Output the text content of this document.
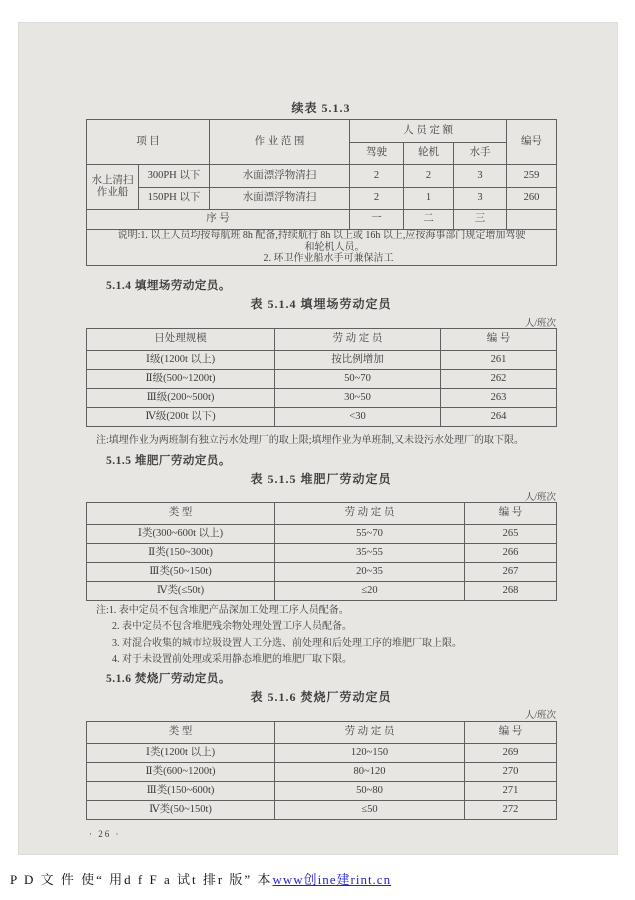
续表 5.1.3
项 目		作 业 范 围	人 员 定 额			编号
			驾驶	轮机	水手	
水上清扫作业船	300PH 以下	水面漂浮物清扫	2	2	3	259
	150PH 以下	水面漂浮物清扫	2	1	3	260
序 号			一	二	三	

说明:1. 以上人员均按每航班 8h 配备,持续航行 8h 以上或 16h 以上,应按海事部门规定增加驾驶
和轮机人员。
2. 环卫作业船水手可兼保洁工						
5.1.4 填埋场劳动定员。
表 5.1.4 填埋场劳动定员
人/班次
日处理规模	劳 动 定 员	编 号
Ⅰ级(1200t 以上)	按比例增加	261
Ⅱ级(500~1200t)	50~70	262
Ⅲ级(200~500t)	30~50	263
Ⅳ级(200t 以下)	<30	264
注:填埋作业为两班制有独立污水处理厂的取上限;填埋作业为单班制,又未设污水处理厂的取下限。
5.1.5 堆肥厂劳动定员。
表 5.1.5 堆肥厂劳动定员
人/班次
类 型	劳 动 定 员	编 号
Ⅰ类(300~600t 以上)	55~70	265
Ⅱ类(150~300t)	35~55	266
Ⅲ类(50~150t)	20~35	267
Ⅳ类(≤50t)	≤20	268
注:1. 表中定员不包含堆肥产品深加工处理工序人员配备。
2. 表中定员不包含堆肥残余物处理处置工序人员配备。
3. 对混合收集的城市垃圾设置人工分选、前处理和后处理工序的堆肥厂取上限。
4. 对于未设置前处理或采用静态堆肥的堆肥厂取下限。
5.1.6 焚烧厂劳动定员。
表 5.1.6 焚烧厂劳动定员
人/班次
类 型	劳 动 定 员	编 号
Ⅰ类(1200t 以上)	120~150	269
Ⅱ类(600~1200t)	80~120	270
Ⅲ类(150~600t)	50~80	271
Ⅳ类(50~150t)	≤50	272
· 26 ·
P D 文 件 使“ 用d f F a 试t 排r 版” 本www创ine建rint.cn
